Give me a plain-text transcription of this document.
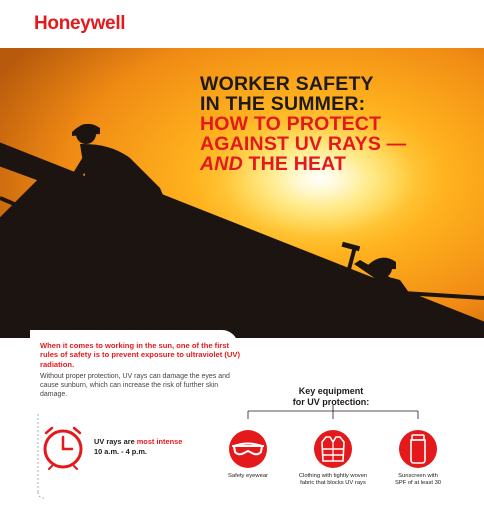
Honeywell
WORKER SAFETY
IN THE SUMMER:
HOW TO PROTECT
AGAINST UV RAYS —
AND THE HEAT
When it comes to working in the sun, one of the first rules of safety is to prevent exposure to ultraviolet (UV) radiation.
Without proper protection, UV rays can damage the eyes and cause sunburn, which can increase the risk of further skin damage.
UV rays are most intense
10 a.m. - 4 p.m.
Key equipment
for UV protection:
Safety eyewear	Clothing with tightly woven
fabric that blocks UV rays
Sunscreen with
SPF of at least 30
